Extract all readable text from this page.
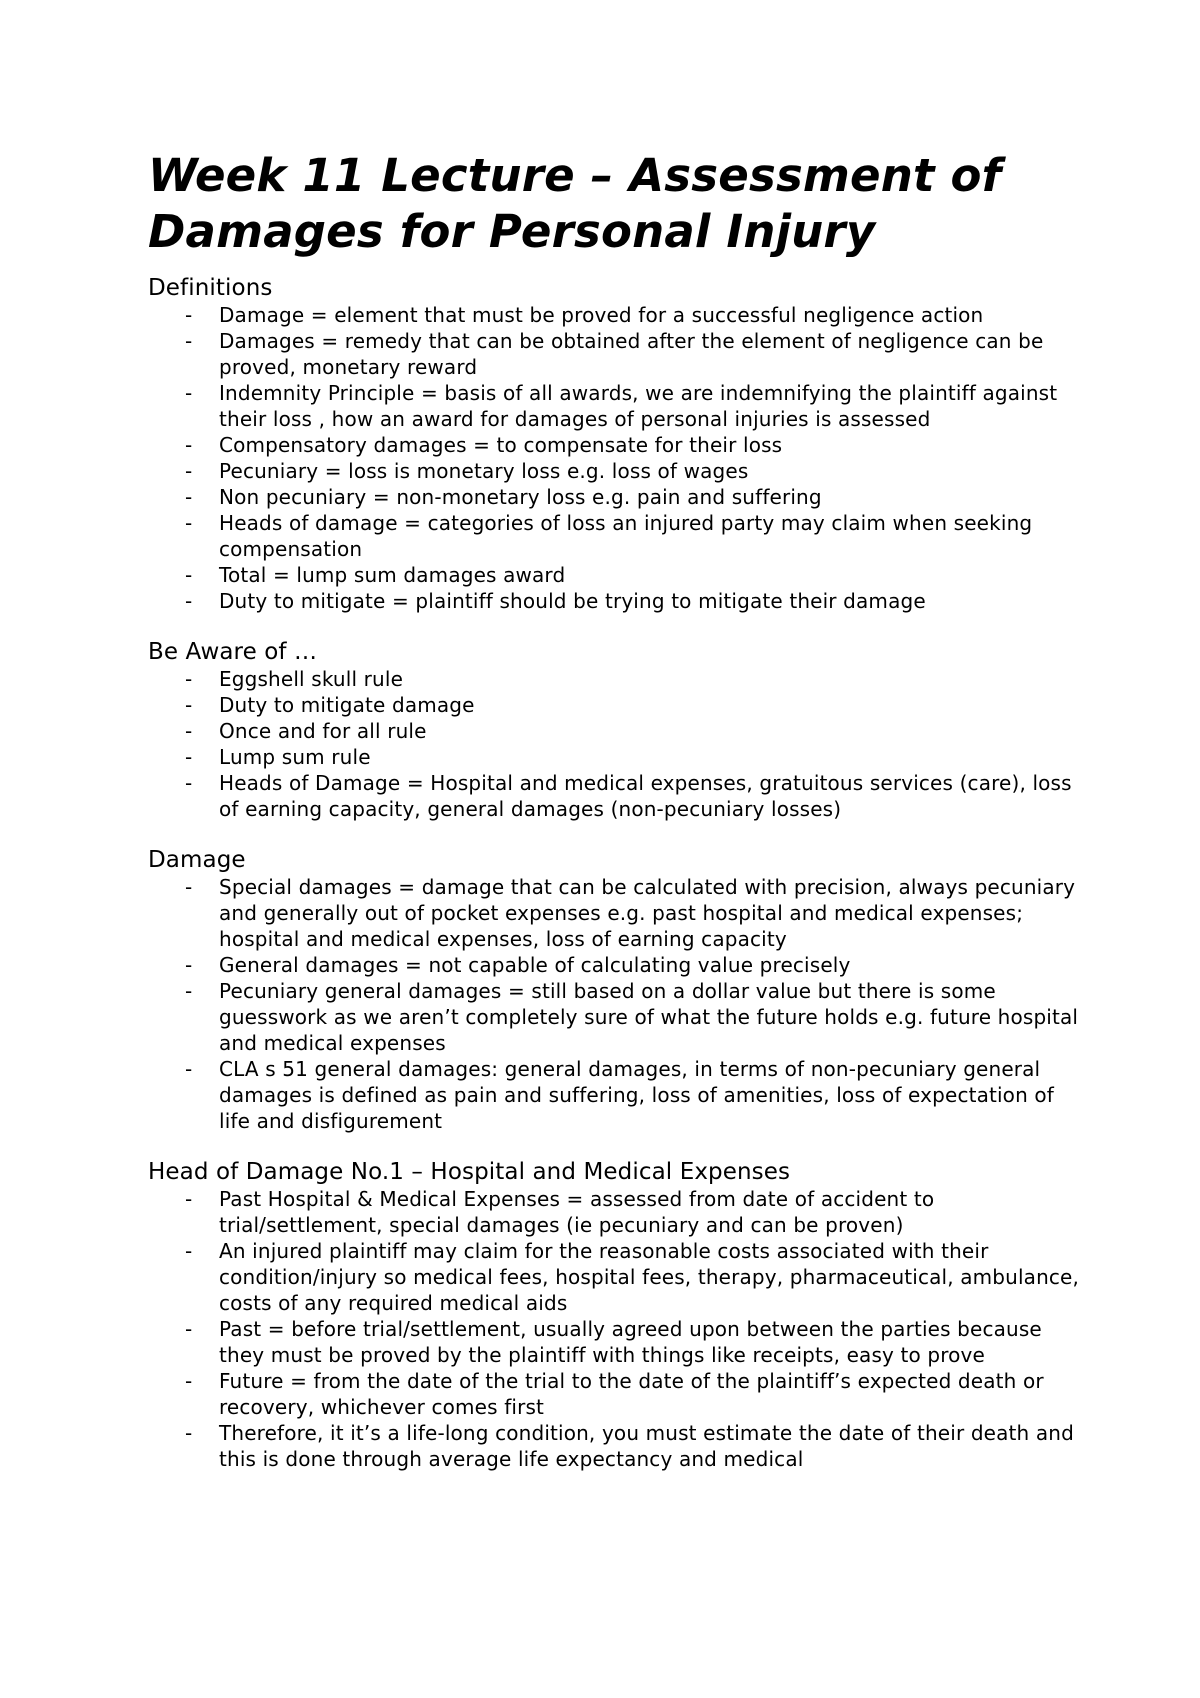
Week 11 Lecture – Assessment of Damages for Personal Injury
Definitions
- Damage = element that must be proved for a successful negligence action
- Damages = remedy that can be obtained after the element of negligence can be proved, monetary reward
- Indemnity Principle = basis of all awards, we are indemnifying the plaintiff against their loss , how an award for damages of personal injuries is assessed
- Compensatory damages = to compensate for their loss
- Pecuniary = loss is monetary loss e.g. loss of wages
- Non pecuniary = non-monetary loss e.g. pain and suffering
- Heads of damage = categories of loss an injured party may claim when seeking compensation
- Total = lump sum damages award
- Duty to mitigate = plaintiff should be trying to mitigate their damage
Be Aware of …
- Eggshell skull rule
- Duty to mitigate damage
- Once and for all rule
- Lump sum rule
- Heads of Damage = Hospital and medical expenses, gratuitous services (care), loss of earning capacity, general damages (non-pecuniary losses)
Damage
- Special damages = damage that can be calculated with precision, always pecuniary and generally out of pocket expenses e.g. past hospital and medical expenses; hospital and medical expenses, loss of earning capacity
- General damages = not capable of calculating value precisely
- Pecuniary general damages = still based on a dollar value but there is some guesswork as we aren’t completely sure of what the future holds e.g. future hospital and medical expenses
- CLA s 51 general damages: general damages, in terms of non-pecuniary general damages is defined as pain and suffering, loss of amenities, loss of expectation of life and disfigurement
Head of Damage No.1 – Hospital and Medical Expenses
- Past Hospital & Medical Expenses = assessed from date of accident to trial/settlement, special damages (ie pecuniary and can be proven)
- An injured plaintiff may claim for the reasonable costs associated with their condition/injury so medical fees, hospital fees, therapy, pharmaceutical, ambulance, costs of any required medical aids
- Past = before trial/settlement, usually agreed upon between the parties because they must be proved by the plaintiff with things like receipts, easy to prove
- Future = from the date of the trial to the date of the plaintiff’s expected death or recovery, whichever comes first
- Therefore, it it’s a life-long condition, you must estimate the date of their death and this is done through average life expectancy and medical
